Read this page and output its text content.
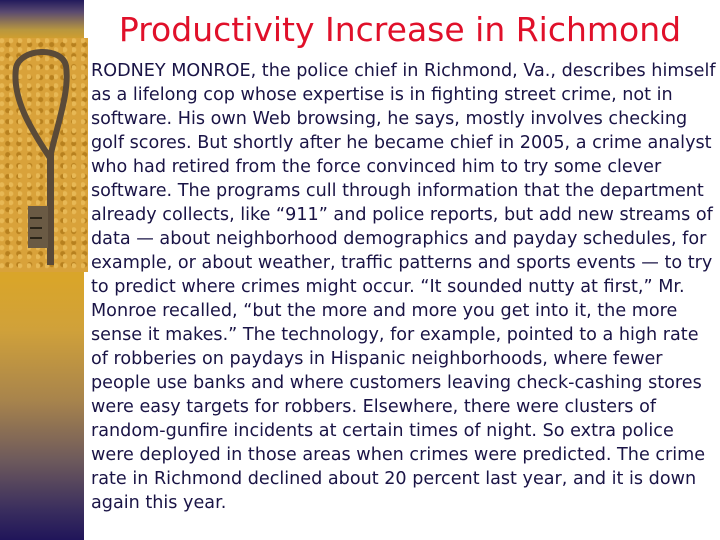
Productivity Increase in Richmond

RODNEY MONROE, the police chief in Richmond, Va., describes himself
as a lifelong cop whose expertise is in fighting street crime, not in
software. His own Web browsing, he says, mostly involves checking
golf scores. But shortly after he became chief in 2005, a crime analyst
who had retired from the force convinced him to try some clever
software. The programs cull through information that the department
already collects, like “911” and police reports, but add new streams of
data — about neighborhood demographics and payday schedules, for
example, or about weather, traffic patterns and sports events — to try
to predict where crimes might occur. “It sounded nutty at first,” Mr.
Monroe recalled, “but the more and more you get into it, the more
sense it makes.” The technology, for example, pointed to a high rate
of robberies on paydays in Hispanic neighborhoods, where fewer
people use banks and where customers leaving check-cashing stores
were easy targets for robbers. Elsewhere, there were clusters of
random-gunfire incidents at certain times of night. So extra police
were deployed in those areas when crimes were predicted. The crime
rate in Richmond declined about 20 percent last year, and it is down
again this year.
